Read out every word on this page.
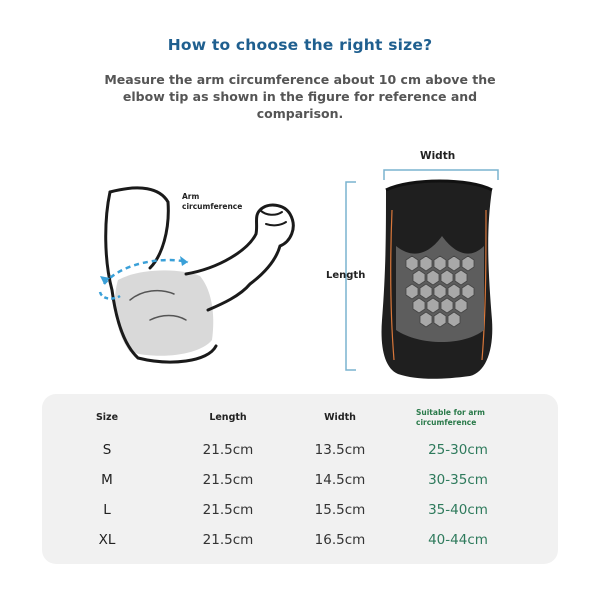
How to choose the right size?
Measure the arm circumference about 10 cm above the elbow tip as shown in the figure for reference and comparison.
Arm circumference
Width
Length
Size	Length	Width	Suitable for arm circumference
S	21.5cm	13.5cm	25-30cm
M	21.5cm	14.5cm	30-35cm
L	21.5cm	15.5cm	35-40cm
XL	21.5cm	16.5cm	40-44cm
